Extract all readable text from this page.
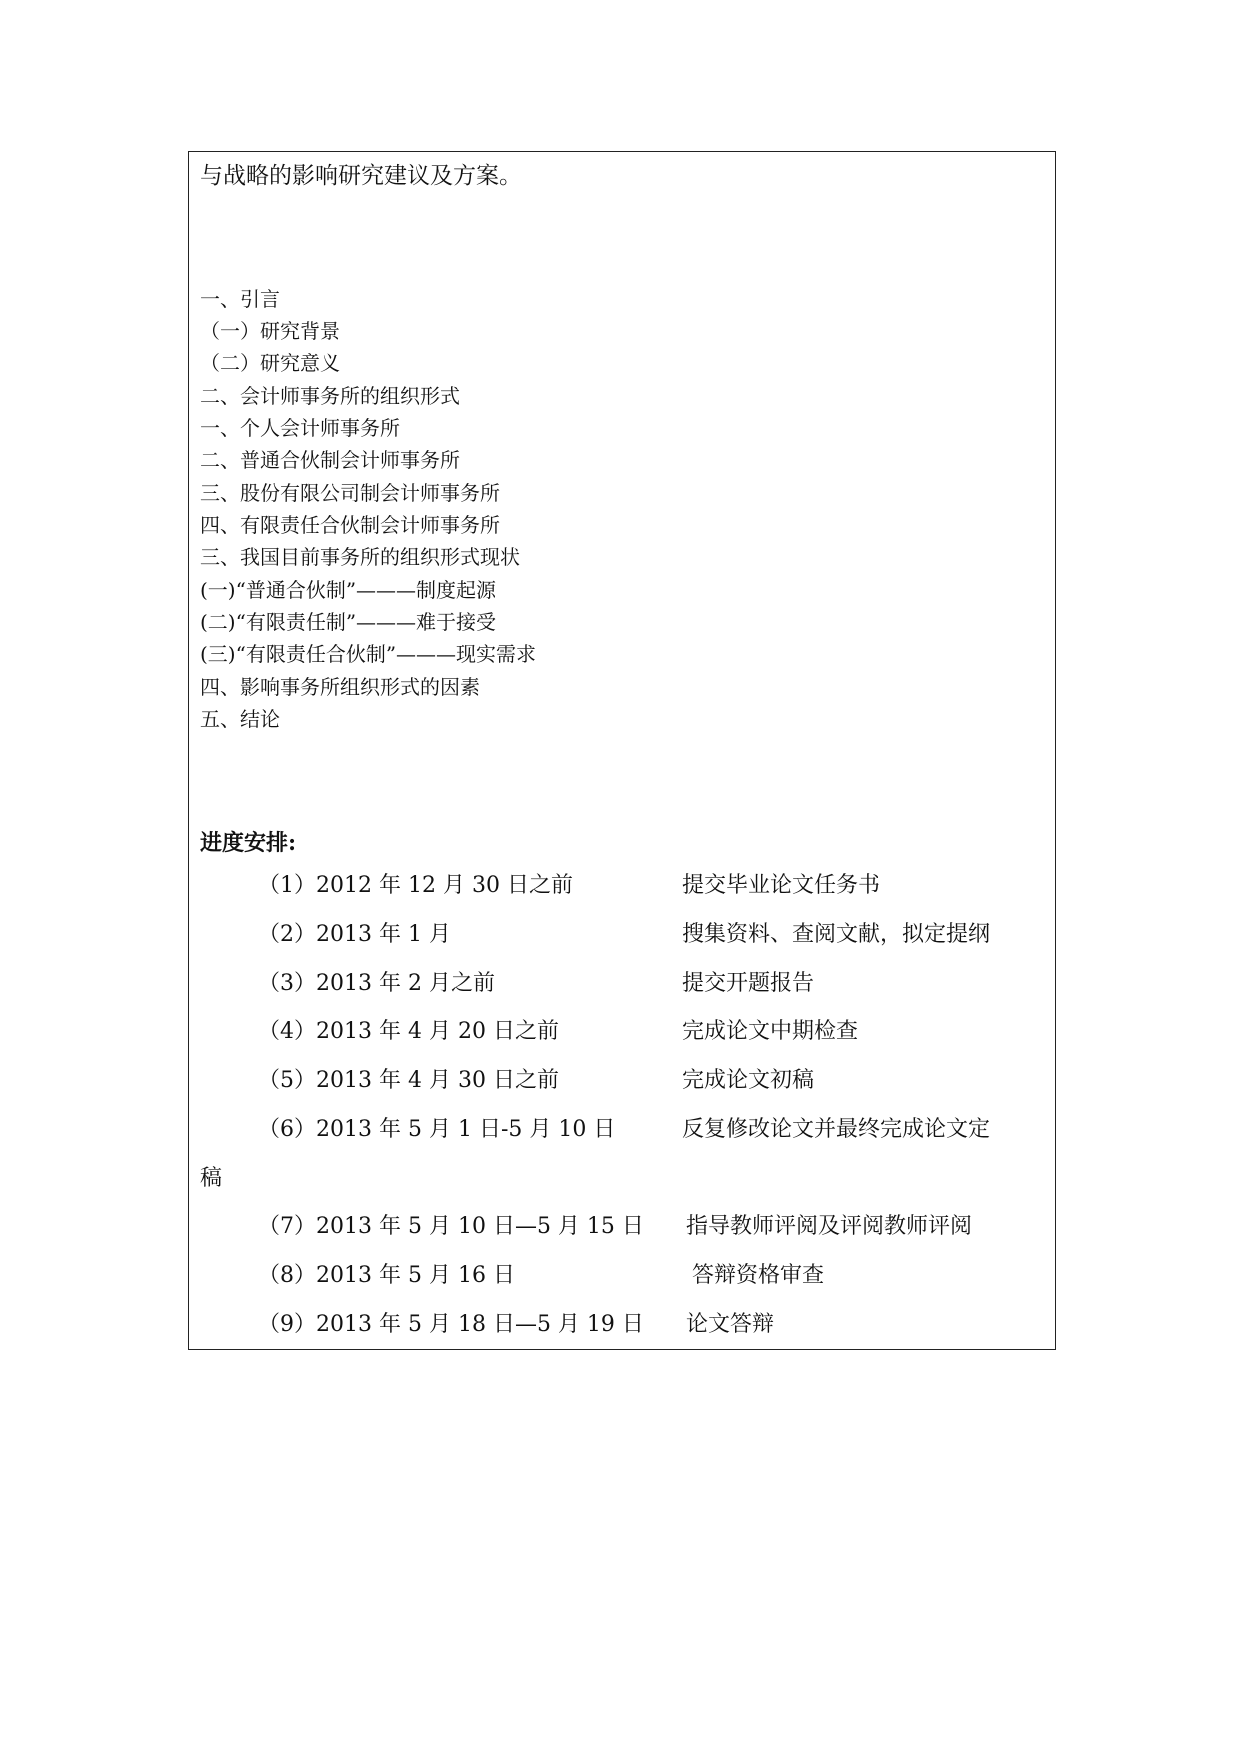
与战略的影响研究建议及方案。
一、引言
（一）研究背景
（二）研究意义
二、会计师事务所的组织形式
一、个人会计师事务所
二、普通合伙制会计师事务所
三、股份有限公司制会计师事务所
四、有限责任合伙制会计师事务所
三、我国目前事务所的组织形式现状
(一)“普通合伙制”———制度起源
(二)“有限责任制”———难于接受
(三)“有限责任合伙制”———现实需求
四、影响事务所组织形式的因素
五、结论
进度安排:
（1）2012 年 12 月 30 日之前	提交毕业论文任务书
（2）2013 年 1 月	搜集资料、查阅文献，拟定提纲
（3）2013 年 2 月之前	提交开题报告
（4）2013 年 4 月 20 日之前	完成论文中期检查
（5）2013 年 4 月 30 日之前	完成论文初稿
（6）2013 年 5 月 1 日-5 月 10 日	反复修改论文并最终完成论文定
稿
（7）2013 年 5 月 10 日—5 月 15 日 指导教师评阅及评阅教师评阅
（8）2013 年 5 月 16 日	答辩资格审查
（9）2013 年 5 月 18 日—5 月 19 日 论文答辩
